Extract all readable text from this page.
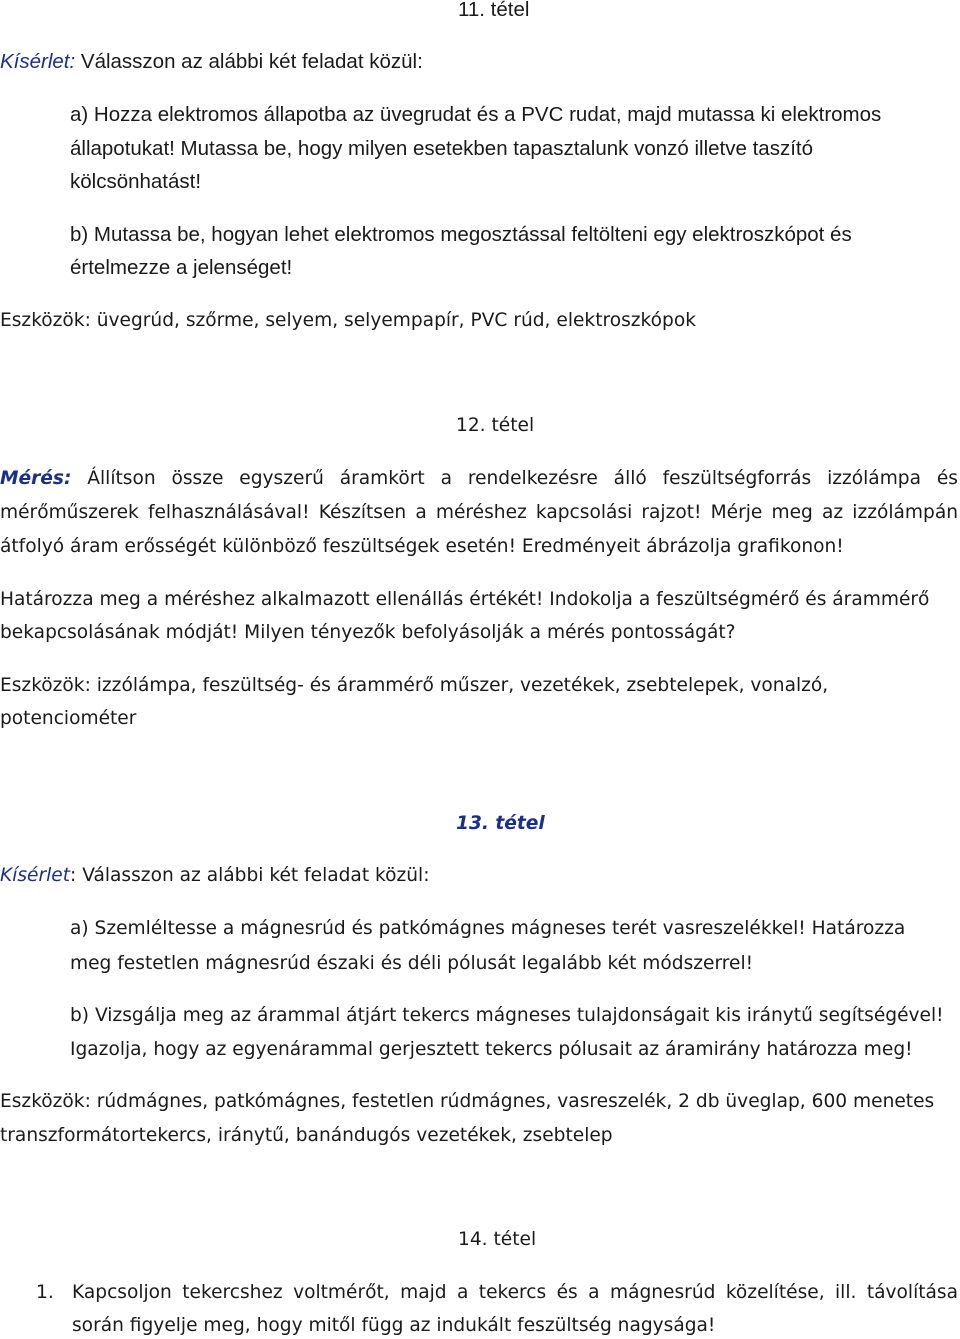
11. tétel
Kísérlet: Válasszon az alábbi két feladat közül:
a) Hozza elektromos állapotba az üvegrudat és a PVC rudat, majd mutassa ki elektromos
állapotukat! Mutassa be, hogy milyen esetekben tapasztalunk vonzó illetve taszító
kölcsönhatást!
b) Mutassa be, hogyan lehet elektromos megosztással feltölteni egy elektroszkópot és
értelmezze a jelenséget!
Eszközök: üvegrúd, szőrme, selyem, selyempapír, PVC rúd, elektroszkópok
12. tétel
Mérés: Állítson össze egyszerű áramkört a rendelkezésre álló feszültségforrás izzólámpa és
mérőműszerek felhasználásával! Készítsen a méréshez kapcsolási rajzot! Mérje meg az izzólámpán
átfolyó áram erősségét különböző feszültségek esetén! Eredményeit ábrázolja grafikonon!
Határozza meg a méréshez alkalmazott ellenállás értékét! Indokolja a feszültségmérő és árammérő
bekapcsolásának módját! Milyen tényezők befolyásolják a mérés pontosságát?
Eszközök: izzólámpa, feszültség- és árammérő műszer, vezetékek, zsebtelepek, vonalzó,
potenciométer
13. tétel
Kísérlet: Válasszon az alábbi két feladat közül:
a) Szemléltesse a mágnesrúd és patkómágnes mágneses terét vasreszelékkel! Határozza
meg festetlen mágnesrúd északi és déli pólusát legalább két módszerrel!
b) Vizsgálja meg az árammal átjárt tekercs mágneses tulajdonságait kis iránytű segítségével!
Igazolja, hogy az egyenárammal gerjesztett tekercs pólusait az áramirány határozza meg!
Eszközök: rúdmágnes, patkómágnes, festetlen rúdmágnes, vasreszelék, 2 db üveglap, 600 menetes
transzformátortekercs, iránytű, banándugós vezetékek, zsebtelep
14. tétel
1. Kapcsoljon tekercshez voltmérőt, majd a tekercs és a mágnesrúd közelítése, ill. távolítása
során figyelje meg, hogy mitől függ az indukált feszültség nagysága!
